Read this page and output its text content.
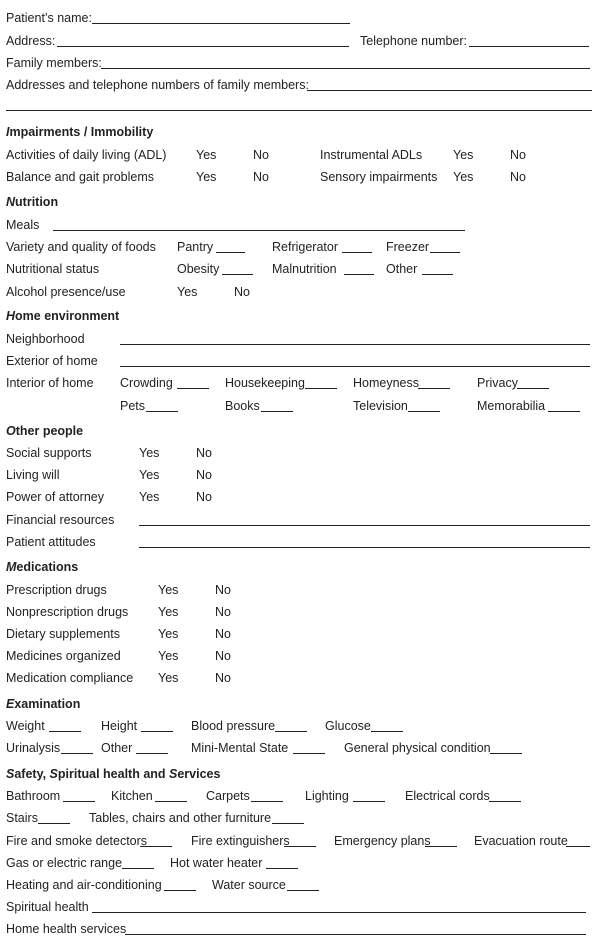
Patient’s name:
Address:	Telephone number:
Family members:
Addresses and telephone numbers of family members:
Impairments / Immobility
Activities of daily living (ADL) Yes	No	Instrumental ADLs Yes	No
Balance and gait problems	Yes	No	Sensory impairments Yes	No
Nutrition
Meals
Variety and quality of foods Pantry	Refrigerator	Freezer
Nutritional status	Obesity	Malnutrition	Other
Alcohol presence/use	Yes	No
Home environment
Neighborhood
Exterior of home
Interior of home Crowding	Housekeeping	Homeyness	Privacy
Pets	Books	Television	Memorabilia
Other people
Social supports	Yes	No
Living will	Yes	No
Power of attorney	Yes	No
Financial resources
Patient attitudes
Medications
Prescription drugs	Yes	No
Nonprescription drugs Yes	No
Dietary supplements	Yes	No
Medicines organized	Yes	No
Medication compliance Yes	No
Examination
Weight	Height	Blood pressure	Glucose
Urinalysis	Other	Mini-Mental State	General physical condition
Safety, Spiritual health and Services
Bathroom	Kitchen	Carpets	Lighting	Electrical cords
Stairs	Tables, chairs and other furniture
Fire and smoke detectors	Fire extinguishers	Emergency plans	Evacuation route
Gas or electric range	Hot water heater
Heating and air-conditioning	Water source
Spiritual health
Home health services
